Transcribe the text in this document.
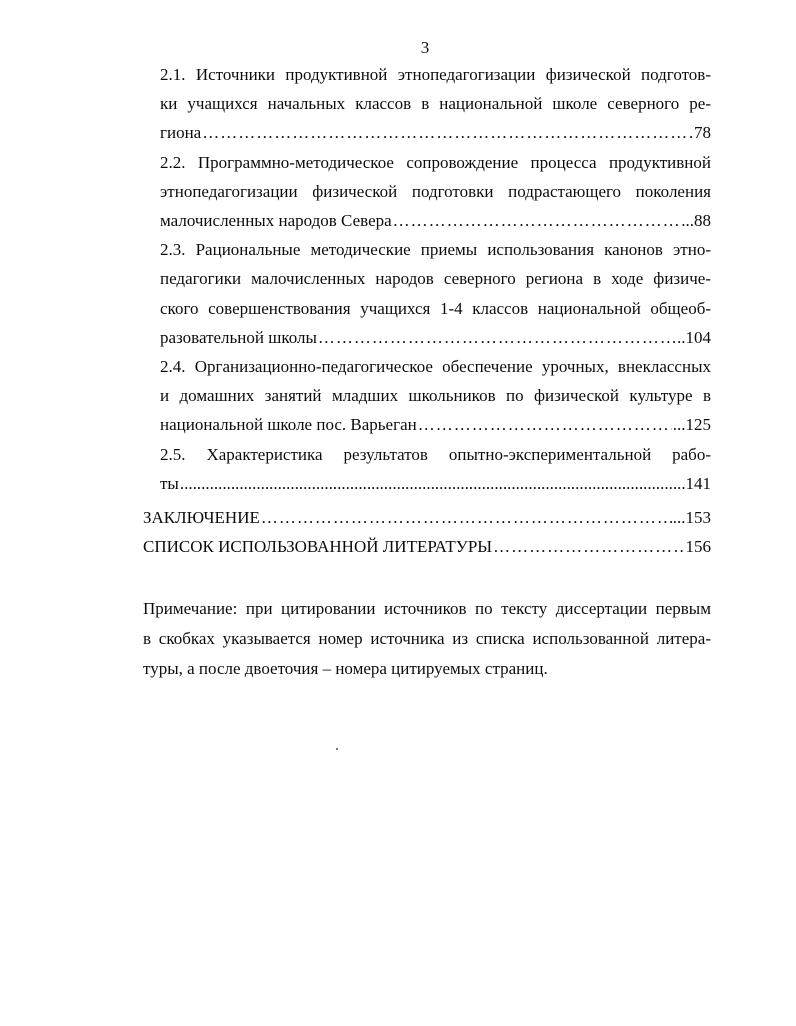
3
2.1. Источники продуктивной этнопедагогизации физической подготов-
ки учащихся начальных классов в национальной школе северного ре-
гиона ……………………………………………………………………………………………………………………………………	78
2.2. Программно-методическое сопровождение процесса продуктивной
этнопедагогизации физической подготовки подрастающего поколения
малочисленных народов Севера ……………………………………………………………………………………………………………………………………	..88
2.3. Рациональные методические приемы использования канонов этно-
педагогики малочисленных народов северного региона в ходе физиче-
ского совершенствования учащихся 1-4 классов национальной общеоб-
разовательной школы ……………………………………………………………………………………………………………………………………	..104
2.4. Организационно-педагогическое обеспечение урочных, внеклассных
и домашних занятий младших школьников по физической культуре в
национальной школе пос. Варьеган ……………………………………………………………………………………………………………………………………	...125
2.5. Характеристика результатов опытно-экспериментальной рабо-
ты .....	141
ЗАКЛЮЧЕНИЕ ……………………………………………………………………………………………………………………………………	...153
СПИСОК ИСПОЛЬЗОВАННОЙ ЛИТЕРАТУРЫ ……………………………………………………………………………………………………………………………………	156
Примечание: при цитировании источников по тексту диссертации первым
в скобках указывается номер источника из списка использованной литера-
туры, а после двоеточия – номера цитируемых страниц.
